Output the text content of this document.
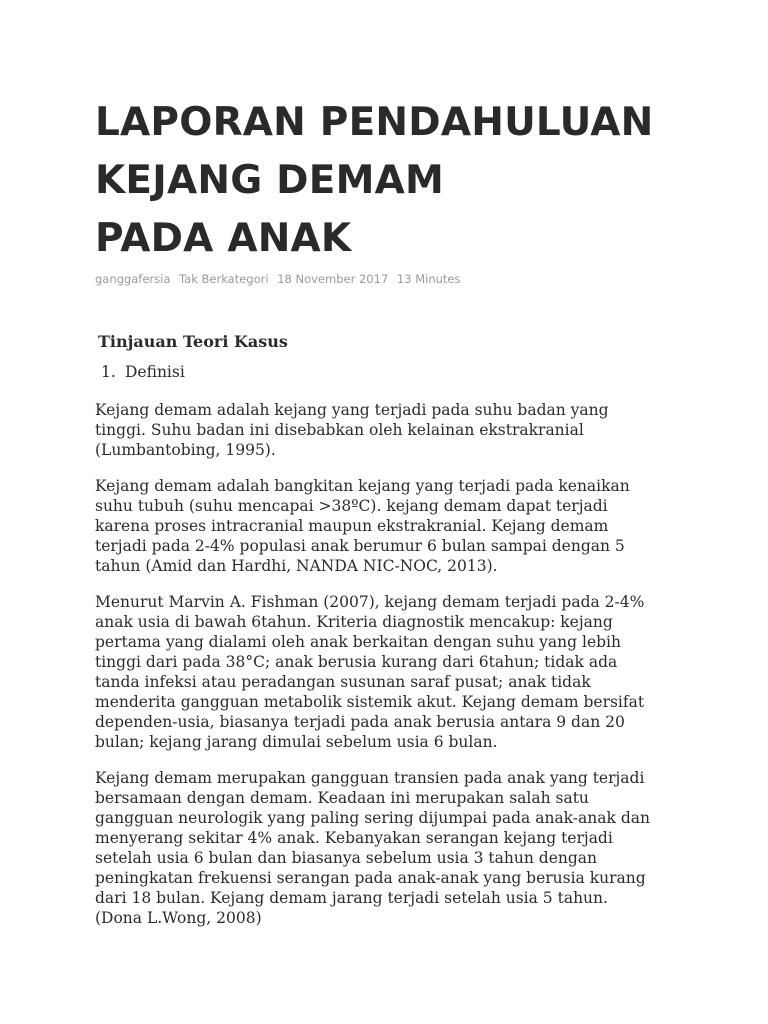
LAPORAN PENDAHULUAN
KEJANG DEMAM
PADA ANAK
ganggafersia Tak Berkategori 18 November 2017 13 Minutes
Tinjauan Teori Kasus
1. Definisi

Kejang demam adalah kejang yang terjadi pada suhu badan yang
tinggi. Suhu badan ini disebabkan oleh kelainan ekstrakranial
(Lumbantobing, 1995).

Kejang demam adalah bangkitan kejang yang terjadi pada kenaikan
suhu tubuh (suhu mencapai >38ºC). kejang demam dapat terjadi
karena proses intracranial maupun ekstrakranial. Kejang demam
terjadi pada 2-4% populasi anak berumur 6 bulan sampai dengan 5
tahun (Amid dan Hardhi, NANDA NIC-NOC, 2013).

Menurut Marvin A. Fishman (2007), kejang demam terjadi pada 2-4%
anak usia di bawah 6tahun. Kriteria diagnostik mencakup: kejang
pertama yang dialami oleh anak berkaitan dengan suhu yang lebih
tinggi dari pada 38°C; anak berusia kurang dari 6tahun; tidak ada
tanda infeksi atau peradangan susunan saraf pusat; anak tidak
menderita gangguan metabolik sistemik akut. Kejang demam bersifat
dependen-usia, biasanya terjadi pada anak berusia antara 9 dan 20
bulan; kejang jarang dimulai sebelum usia 6 bulan.

Kejang demam merupakan gangguan transien pada anak yang terjadi
bersamaan dengan demam. Keadaan ini merupakan salah satu
gangguan neurologik yang paling sering dijumpai pada anak-anak dan
menyerang sekitar 4% anak. Kebanyakan serangan kejang terjadi
setelah usia 6 bulan dan biasanya sebelum usia 3 tahun dengan
peningkatan frekuensi serangan pada anak-anak yang berusia kurang
dari 18 bulan. Kejang demam jarang terjadi setelah usia 5 tahun.
(Dona L.Wong, 2008)
